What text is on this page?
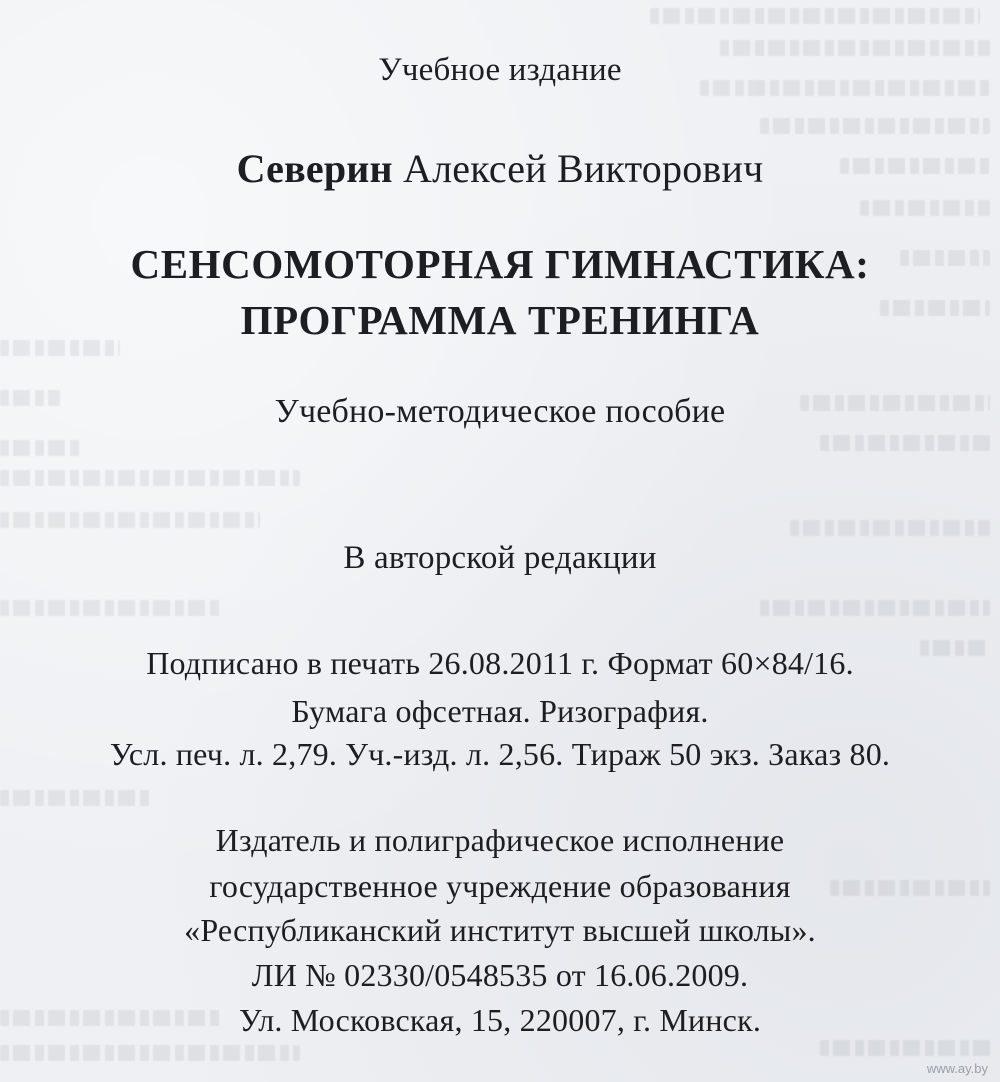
Учебное издание
Северин Алексей Викторович
СЕНСОМОТОРНАЯ ГИМНАСТИКА:
ПРОГРАММА ТРЕНИНГА
Учебно-методическое пособие
В авторской редакции
Подписано в печать 26.08.2011 г. Формат 60×84/16.
Бумага офсетная. Ризография.
Усл. печ. л. 2,79. Уч.-изд. л. 2,56. Тираж 50 экз. Заказ 80.
Издатель и полиграфическое исполнение
государственное учреждение образования
«Республиканский институт высшей школы».
ЛИ № 02330/0548535 от 16.06.2009.
Ул. Московская, 15, 220007, г. Минск.
www.ay.by
